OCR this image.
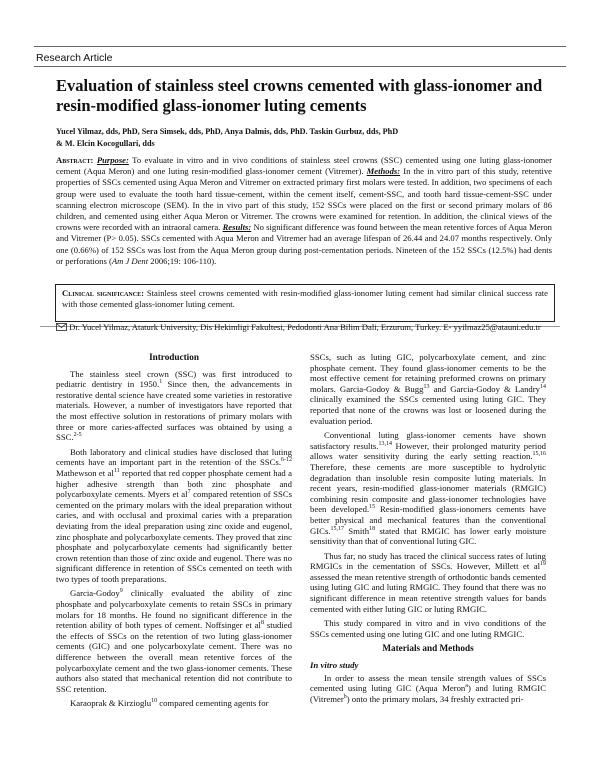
Research Article
Evaluation of stainless steel crowns cemented with glass-ionomer and resin-modified glass-ionomer luting cements
Yucel Yilmaz, dds, PhD, Sera Simsek, dds, PhD, Anya Dalmis, dds, PhD. Taskin Gurbuz, dds, PhD
& M. Elcin Kocogullari, dds
Abstract: Purpose: To evaluate in vitro and in vivo conditions of stainless steel crowns (SSC) cemented using one luting glass-ionomer cement (Aqua Meron) and one luting resin-modified glass-ionomer cement (Vitremer). Methods: In the in vitro part of this study, retentive properties of SSCs cemented using Aqua Meron and Vitremer on extracted primary first molars were tested. In addition, two specimens of each group were used to evaluate the tooth hard tissue-cement, within the cement itself, cement-SSC, and tooth hard tissue-cement-SSC under scanning electron microscope (SEM). In the in vivo part of this study, 152 SSCs were placed on the first or second primary molars of 86 children, and cemented using either Aqua Meron or Vitremer. The crowns were examined for retention. In addition, the clinical views of the crowns were recorded with an intraoral camera. Results: No significant difference was found between the mean retentive forces of Aqua Meron and Vitremer (P> 0.05). SSCs cemented with Aqua Meron and Vitremer had an average lifespan of 26.44 and 24.07 months respectively. Only one (0.66%) of 152 SSCs was lost from the Aqua Meron group during post-cementation periods. Nineteen of the 152 SSCs (12.5%) had dents or perforations (Am J Dent 2006;19: 106-110).
Clinical significance: Stainless steel crowns cemented with resin-modified glass-ionomer luting cement had similar clinical success rate with those cemented glass-ionomer luting cement.
Dr. Yucel Yilmaz, Ataturk University, Dis Hekimligi Fakultesi, Pedodonti Ana Bilim Dali, Erzurum, Turkey. E- yyilmaz25@atauni.edu.tr
Introduction

The stainless steel crown (SSC) was first introduced to pediatric dentistry in 1950.$^1$ Since then, the advancements in restorative dental science have created some varieties in restorative materials. However, a number of investigators have reported that the most effective solution in restorations of primary molars with three or more caries-affected surfaces was obtained by using a SSC.$^{2-5}$

Both laboratory and clinical studies have disclosed that luting cements have an important part in the retention of the SSCs.$^{6-12}$ Mathewson et $al^{11}$ reported that red copper phosphate cement had a higher adhesive strength than both zinc phosphate and polycarboxylate cements. Myers et $al^7$ compared retention of SSCs cemented on the primary molars with the ideal preparation without caries, and with occlusal and proximal caries with a preparation deviating from the ideal preparation using zinc oxide and eugenol, zinc phosphate and polycarboxylate cements. They proved that zinc phosphate and polycarboxylate cements had significantly better crown retention than those of zinc oxide and eugenol. There was no significant difference in retention of SSCs cemented on teeth with two types of tooth preparations.

Garcia-Godoy$^9$ clinically evaluated the ability of zinc phosphate and polycarboxylate cements to retain SSCs in primary molars for 18 months. He found no significant difference in the retention ability of both types of cement. Noffsinger et $al^8$ studied the effects of SSCs on the retention of two luting glass-ionomer cements (GIC) and one polycarboxylate cement. There was no difference between the overall mean retentive forces of the polycarboxylate cement and the two glass-ionomer cements. These authors also stated that mechanical retention did not contribute to SSC retention.

Karaoprak & Kirzioglu$^{10}$ compared cementing agents for

SSCs, such as luting GIC, polycarboxylate cement, and zinc phosphate cement. They found glass-ionomer cements to be the most effective cement for retaining preformed crowns on primary molars. Garcia-Godoy & Bugg$^{13}$ and Garcia-Godoy & Landry$^{14}$ clinically examined the SSCs cemented using luting GIC. They reported that none of the crowns was lost or loosened during the evaluation period.

Conventional luting glass-ionomer cements have shown satisfactory results.$^{13,14}$ However, their prolonged maturity period allows water sensitivity during the early setting reaction.$^{15,16}$ Therefore, these cements are more susceptible to hydrolytic degradation than insoluble resin composite luting materials. In recent years, resin-modified glass-ionomer materials (RMGIC) combining resin composite and glass-ionomer technologies have been developed.$^{15}$ Resin-modified glass-ionomers cements have better physical and mechanical features than the conventional GICs.$^{15,17}$ Smith$^{18}$ stated that RMGIC has lower early moisture sensitivity than that of conventional luting GIC.

Thus far, no study has traced the clinical success rates of luting RMGICs in the cementation of SSCs. However, Millett et $al^{19}$ assessed the mean retentive strength of orthodontic bands cemented using luting GIC and luting RMGIC. They found that there was no significant difference in mean retentive strength values for bands cemented with either luting GIC or luting RMGIC.

This study compared in vitro and in vivo conditions of the SSCs cemented using one luting GIC and one luting RMGIC.

Materials and Methods
In vitro study

In order to assess the mean tensile strength values of SSCs cemented using luting GIC (Aqua Meron$^a$) and luting RMGIC (Vitremer$^b$) onto the primary molars, 34 freshly extracted pri-
